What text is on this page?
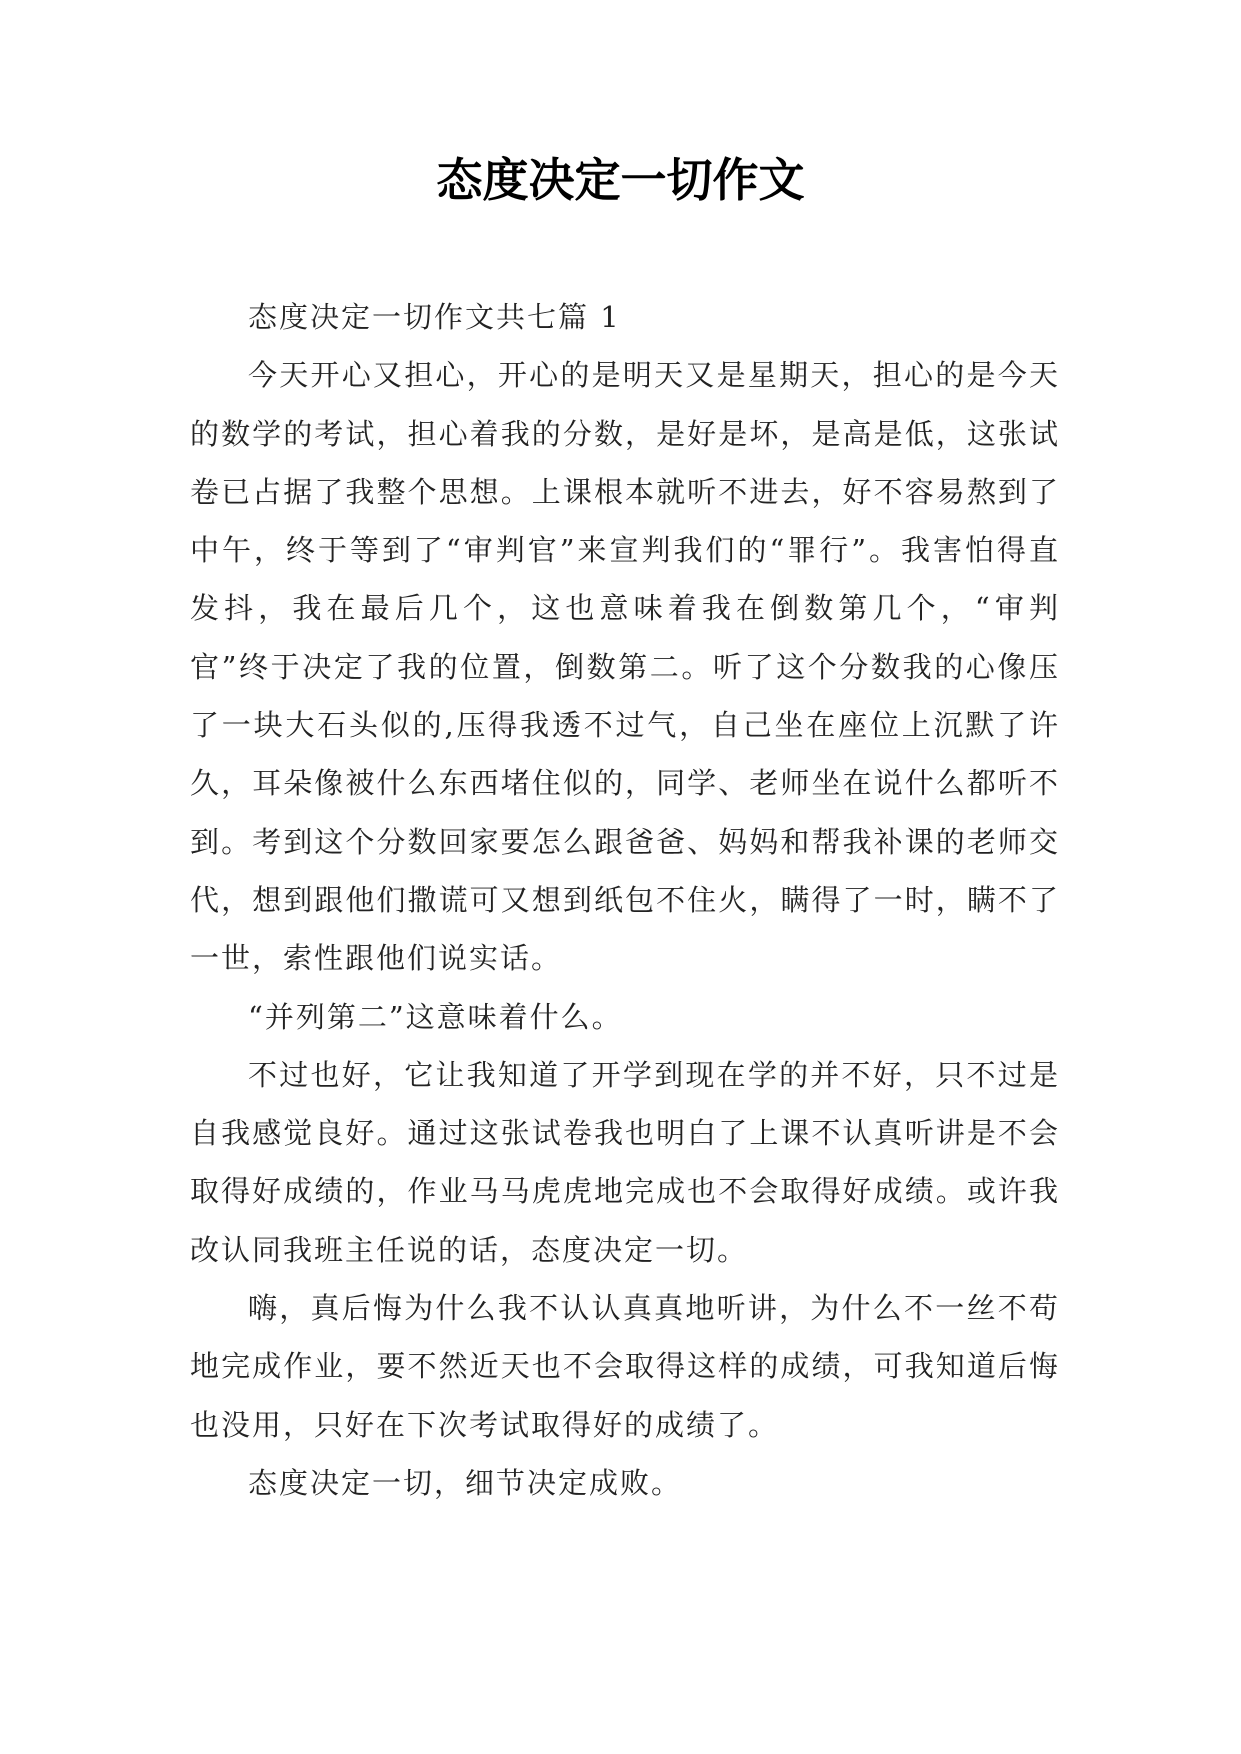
态度决定一切作文

态度决定一切作文共七篇 1

今天开心又担心，开心的是明天又是星期天，担心的是今天的数学的考试，担心着我的分数，是好是坏，是高是低，这张试卷已占据了我整个思想。上课根本就听不进去，好不容易熬到了中午，终于等到了“审判官”来宣判我们的“罪行”。我害怕得直发抖，我在最后几个，这也意味着我在倒数第几个，“审判官”终于决定了我的位置，倒数第二。听了这个分数我的心像压了一块大石头似的,压得我透不过气，自己坐在座位上沉默了许久，耳朵像被什么东西堵住似的，同学、老师坐在说什么都听不到。考到这个分数回家要怎么跟爸爸、妈妈和帮我补课的老师交代，想到跟他们撒谎可又想到纸包不住火，瞒得了一时，瞒不了一世，索性跟他们说实话。

“并列第二”这意味着什么。

不过也好，它让我知道了开学到现在学的并不好，只不过是自我感觉良好。通过这张试卷我也明白了上课不认真听讲是不会取得好成绩的，作业马马虎虎地完成也不会取得好成绩。或许我改认同我班主任说的话，态度决定一切。

嗨，真后悔为什么我不认认真真地听讲，为什么不一丝不苟地完成作业，要不然近天也不会取得这样的成绩，可我知道后悔也没用，只好在下次考试取得好的成绩了。

态度决定一切，细节决定成败。
